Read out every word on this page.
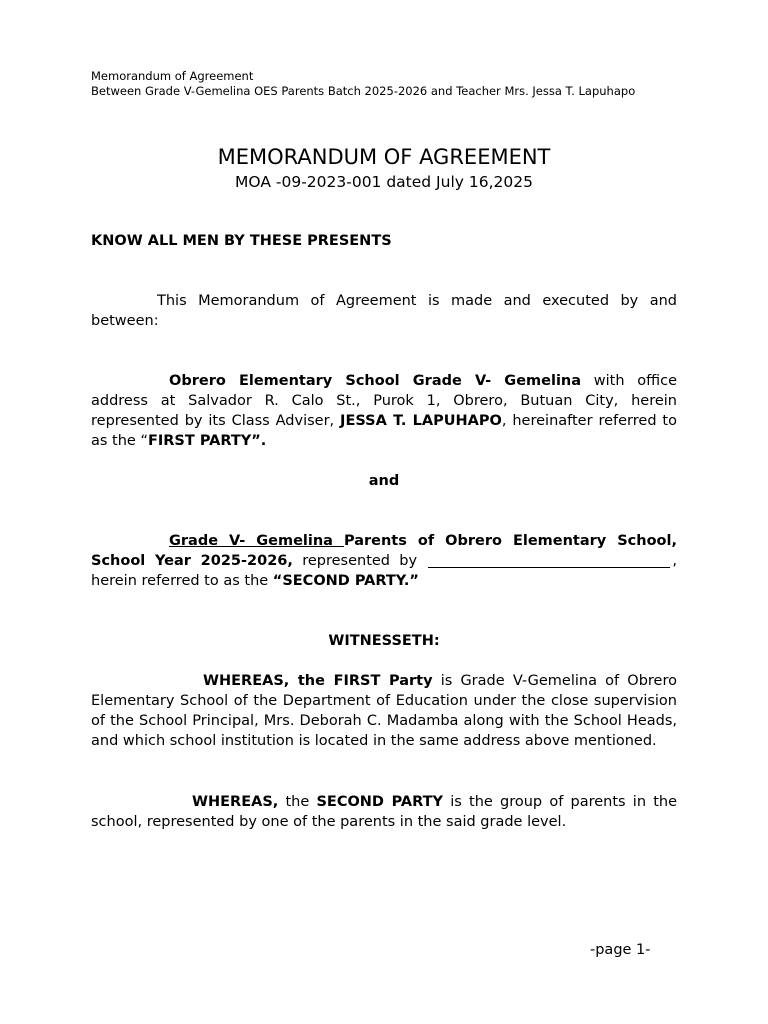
Memorandum of Agreement
Between Grade V-Gemelina OES Parents Batch 2025-2026 and Teacher Mrs. Jessa T. Lapuhapo
MEMORANDUM OF AGREEMENT
MOA -09-2023-001 dated July 16,2025
KNOW ALL MEN BY THESE PRESENTS
This Memorandum of Agreement is made and executed by and between:
Obrero Elementary School Grade V- Gemelina with office address at Salvador R. Calo St., Purok 1, Obrero, Butuan City, herein represented by its Class Adviser, JESSA T. LAPUHAPO, hereinafter referred to as the “FIRST PARTY”.
and
Grade V- Gemelina Parents of Obrero Elementary School, School Year 2025-2026, represented by	, herein referred to as the “SECOND PARTY.”
WITNESSETH:
WHEREAS, the FIRST Party is Grade V-Gemelina of Obrero Elementary School of the Department of Education under the close supervision of the School Principal, Mrs. Deborah C. Madamba along with the School Heads, and which school institution is located in the same address above mentioned.
WHEREAS, the SECOND PARTY is the group of parents in the school, represented by one of the parents in the said grade level.
-page 1-
